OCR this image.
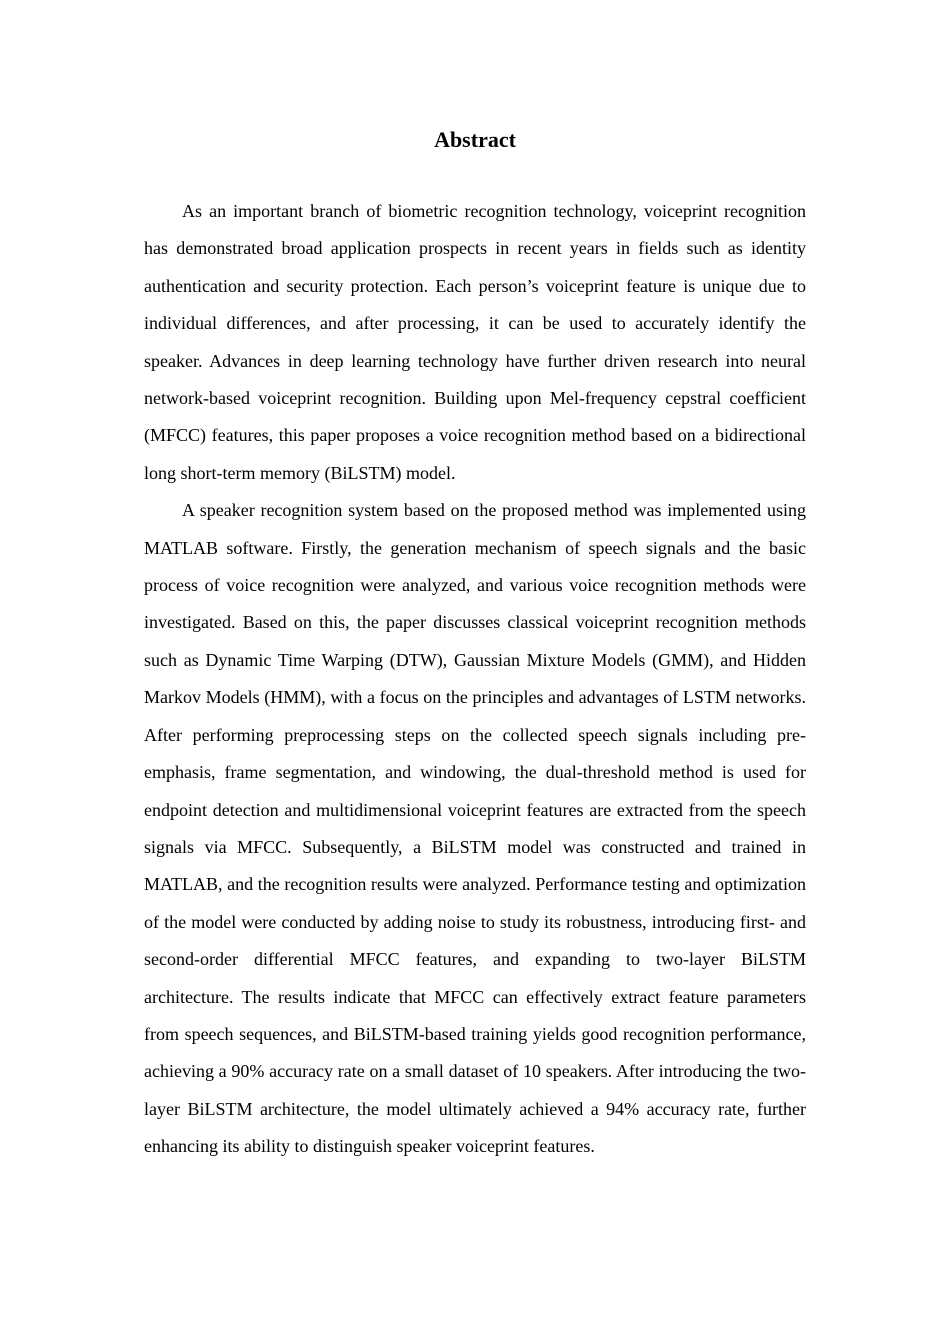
Abstract

As an important branch of biometric recognition technology, voiceprint recognition has demonstrated broad application prospects in recent years in fields such as identity authentication and security protection. Each person’s voiceprint feature is unique due to individual differences, and after processing, it can be used to accurately identify the speaker. Advances in deep learning technology have further driven research into neural network-based voiceprint recognition. Building upon Mel-frequency cepstral coefficient (MFCC) features, this paper proposes a voice recognition method based on a bidirectional long short-term memory (BiLSTM) model.

A speaker recognition system based on the proposed method was implemented using MATLAB software. Firstly, the generation mechanism of speech signals and the basic process of voice recognition were analyzed, and various voice recognition methods were investigated. Based on this, the paper discusses classical voiceprint recognition methods such as Dynamic Time Warping (DTW), Gaussian Mixture Models (GMM), and Hidden Markov Models (HMM), with a focus on the principles and advantages of LSTM networks. After performing preprocessing steps on the collected speech signals including pre-emphasis, frame segmentation, and windowing, the dual-threshold method is used for endpoint detection and multidimensional voiceprint features are extracted from the speech signals via MFCC. Subsequently, a BiLSTM model was constructed and trained in MATLAB, and the recognition results were analyzed. Performance testing and optimization of the model were conducted by adding noise to study its robustness, introducing first- and second-order differential MFCC features, and expanding to two-layer BiLSTM architecture. The results indicate that MFCC can effectively extract feature parameters from speech sequences, and BiLSTM-based training yields good recognition performance, achieving a 90% accuracy rate on a small dataset of 10 speakers. After introducing the two-layer BiLSTM architecture, the model ultimately achieved a 94% accuracy rate, further enhancing its ability to distinguish speaker voiceprint features.
